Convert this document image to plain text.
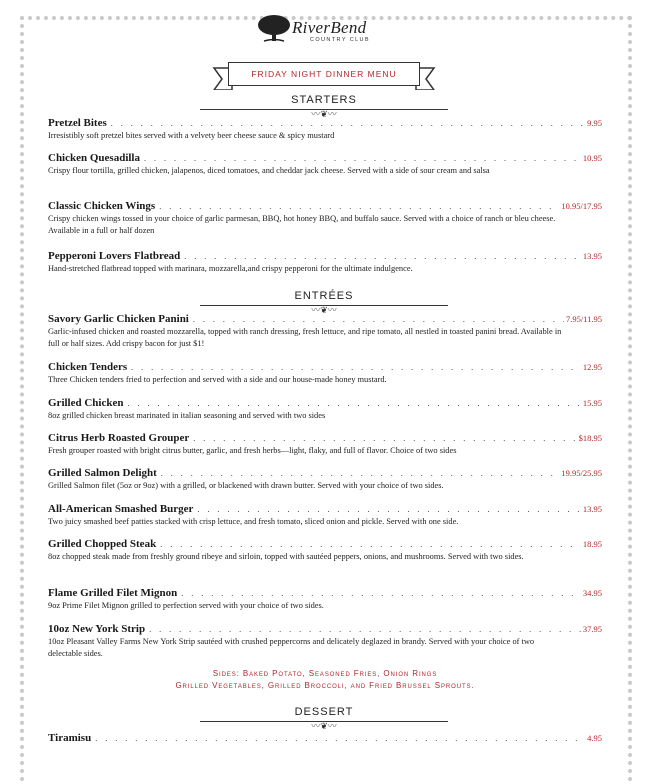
RiverBend
COUNTRY CLUB
FRIDAY NIGHT DINNER MENU
STARTERS
〰❦〰
Pretzel Bites . . .	9.95
Irresistibly soft pretzel bites served with a velvety beer cheese sauce & spicy mustard
Chicken Quesadilla . . .	10.95
Crispy flour tortilla, grilled chicken, jalapenos, diced tomatoes, and cheddar jack cheese. Served with a side of sour cream and salsa
Classic Chicken Wings . . .	10.95/17.95
Crispy chicken wings tossed in your choice of garlic parmesan, BBQ, hot honey BBQ, and buffalo sauce. Served with a choice of ranch or bleu cheese. Available in a full or half dozen
Pepperoni Lovers Flatbread . . .	13.95
Hand-stretched flatbread topped with marinara, mozzarella,and crispy pepperoni for the ultimate indulgence.
ENTRÉES
〰❦〰
Savory Garlic Chicken Panini . . .	7.95/11.95
Garlic-infused chicken and roasted mozzarella, topped with ranch dressing, fresh lettuce, and ripe tomato, all nestled in toasted panini bread. Available in full or half sizes. Add crispy bacon for just $1!
Chicken Tenders . . .	12.95
Three Chicken tenders fried to perfection and served with a side and our house-made honey mustard.
Grilled Chicken . . .	15.95
8oz grilled chicken breast marinated in italian seasoning and served with two sides
Citrus Herb Roasted Grouper . . .	$18.95
Fresh grouper roasted with bright citrus butter, garlic, and fresh herbs—light, flaky, and full of flavor. Choice of two sides
Grilled Salmon Delight . . .	19.95/25.95
Grilled Salmon filet (5oz or 9oz) with a grilled, or blackened with drawn butter. Served with your choice of two sides.
All-American Smashed Burger . . .	13.95
Two juicy smashed beef patties stacked with crisp lettuce, and fresh tomato, sliced onion and pickle. Served with one side.
Grilled Chopped Steak . . .	18.95
8oz chopped steak made from freshly ground ribeye and sirloin, topped with sautéed peppers, onions, and mushrooms. Served with two sides.
Flame Grilled Filet Mignon . . .	34.95
9oz Prime Filet Mignon grilled to perfection served with your choice of two sides.
10oz New York Strip . . .	37.95
10oz Pleasant Valley Farms New York Strip sautéed with crushed peppercorns and delicately deglazed in brandy. Served with your choice of two delectable sides.
Sides: Baked Potato, Seasoned Fries, Onion Rings
Grilled Vegetables, Grilled Broccoli, and Fried Brussel Sprouts.
DESSERT
〰❦〰
Tiramisu . . .	4.95
